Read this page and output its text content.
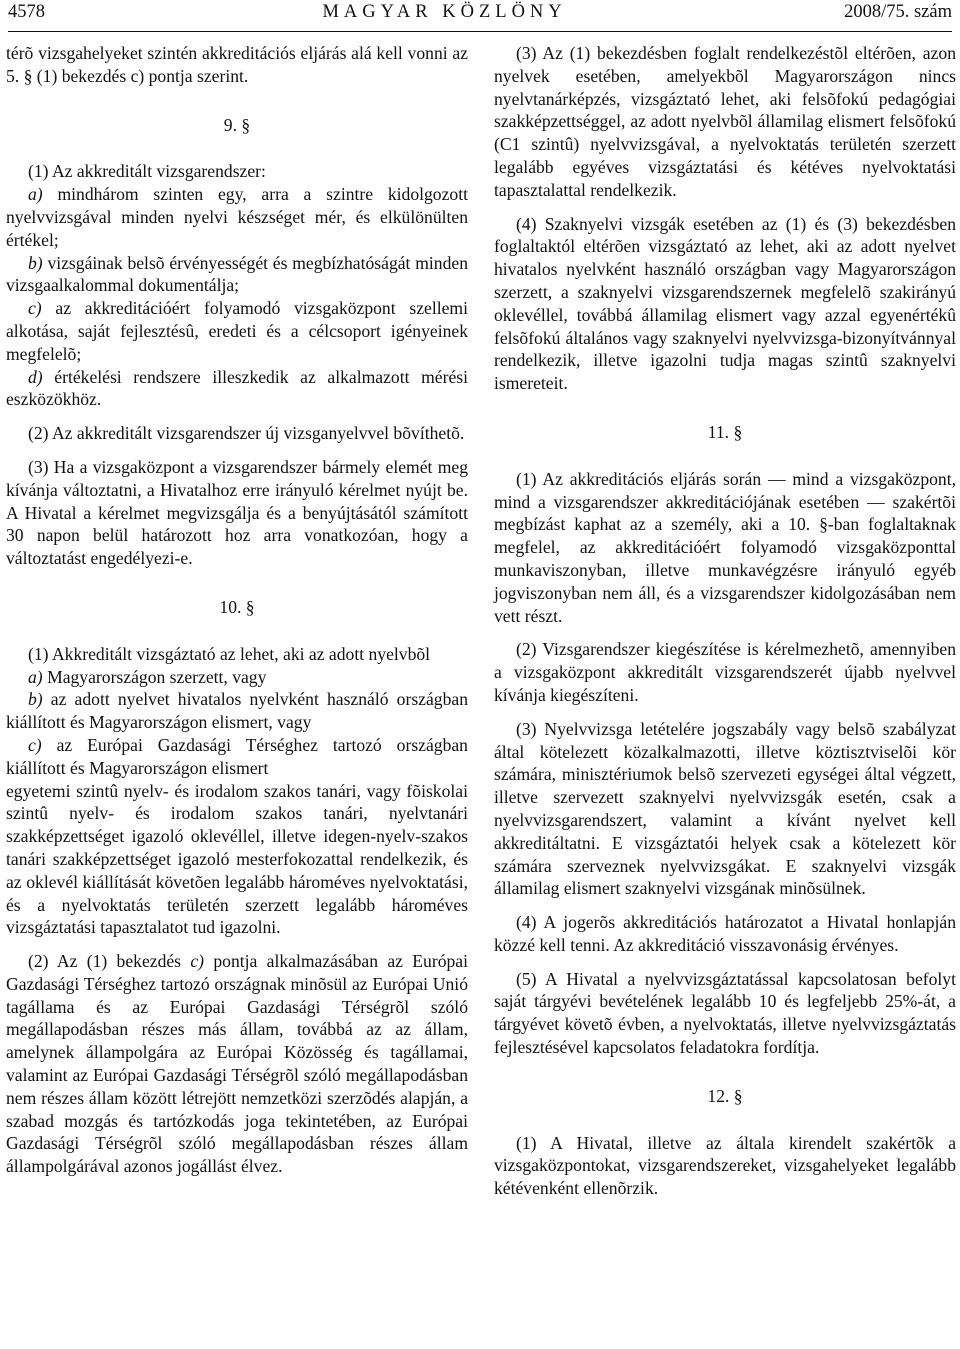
4578	MAGYAR KÖZLÖNY	2008/75. szám

térõ vizsgahelyeket szintén akkreditációs eljárás alá kell vonni az 5. § (1) bekezdés c) pontja szerint.

9. §

(1) Az akkreditált vizsgarendszer:

a) mindhárom szinten egy, arra a szintre kidolgozott nyelvvizsgával minden nyelvi készséget mér, és elkülönülten értékel;

b) vizsgáinak belsõ érvényességét és megbízhatóságát minden vizsgaalkalommal dokumentálja;

c) az akkreditációért folyamodó vizsgaközpont szellemi alkotása, saját fejlesztésû, eredeti és a célcsoport igényeinek megfelelõ;

d) értékelési rendszere illeszkedik az alkalmazott mérési eszközökhöz.

(2) Az akkreditált vizsgarendszer új vizsganyelvvel bõvíthetõ.

(3) Ha a vizsgaközpont a vizsgarendszer bármely elemét meg kívánja változtatni, a Hivatalhoz erre irányuló kérelmet nyújt be. A Hivatal a kérelmet megvizsgálja és a benyújtásától számított 30 napon belül határozott hoz arra vonatkozóan, hogy a változtatást engedélyezi-e.

10. §

(1) Akkreditált vizsgáztató az lehet, aki az adott nyelvbõl

a) Magyarországon szerzett, vagy

b) az adott nyelvet hivatalos nyelvként használó országban kiállított és Magyarországon elismert, vagy

c) az Európai Gazdasági Térséghez tartozó országban kiállított és Magyarországon elismert

egyetemi szintû nyelv- és irodalom szakos tanári, vagy fõiskolai szintû nyelv- és irodalom szakos tanári, nyelvtanári szakképzettséget igazoló oklevéllel, illetve idegen-nyelv-szakos tanári szakképzettséget igazoló mesterfokozattal rendelkezik, és az oklevél kiállítását követõen legalább hároméves nyelvoktatási, és a nyelvoktatás területén szerzett legalább hároméves vizsgáztatási tapasztalatot tud igazolni.

(2) Az (1) bekezdés c) pontja alkalmazásában az Európai Gazdasági Térséghez tartozó országnak minõsül az Európai Unió tagállama és az Európai Gazdasági Térségrõl szóló megállapodásban részes más állam, továbbá az az állam, amelynek állampolgára az Európai Közösség és tagállamai, valamint az Európai Gazdasági Térségrõl szóló megállapodásban nem részes állam között létrejött nemzetközi szerzõdés alapján, a szabad mozgás és tartózkodás joga tekintetében, az Európai Gazdasági Térségrõl szóló megállapodásban részes állam állampolgárával azonos jogállást élvez.

(3) Az (1) bekezdésben foglalt rendelkezéstõl eltérõen, azon nyelvek esetében, amelyekbõl Magyarországon nincs nyelvtanárképzés, vizsgáztató lehet, aki felsõfokú pedagógiai szakképzettséggel, az adott nyelvbõl államilag elismert felsõfokú (C1 szintû) nyelvvizsgával, a nyelvoktatás területén szerzett legalább egyéves vizsgáztatási és kétéves nyelvoktatási tapasztalattal rendelkezik.

(4) Szaknyelvi vizsgák esetében az (1) és (3) bekezdésben foglaltaktól eltérõen vizsgáztató az lehet, aki az adott nyelvet hivatalos nyelvként használó országban vagy Magyarországon szerzett, a szaknyelvi vizsgarendszernek megfelelõ szakirányú oklevéllel, továbbá államilag elismert vagy azzal egyenértékû felsõfokú általános vagy szaknyelvi nyelvvizsga-bizonyítvánnyal rendelkezik, illetve igazolni tudja magas szintû szaknyelvi ismereteit.

11. §

(1) Az akkreditációs eljárás során — mind a vizsgaközpont, mind a vizsgarendszer akkreditációjának esetében — szakértõi megbízást kaphat az a személy, aki a 10. §-ban foglaltaknak megfelel, az akkreditációért folyamodó vizsgaközponttal munkaviszonyban, illetve munkavégzésre irányuló egyéb jogviszonyban nem áll, és a vizsgarendszer kidolgozásában nem vett részt.

(2) Vizsgarendszer kiegészítése is kérelmezhetõ, amennyiben a vizsgaközpont akkreditált vizsgarendszerét újabb nyelvvel kívánja kiegészíteni.

(3) Nyelvvizsga letételére jogszabály vagy belsõ szabályzat által kötelezett közalkalmazotti, illetve köztisztviselõi kör számára, minisztériumok belsõ szervezeti egységei által végzett, illetve szervezett szaknyelvi nyelvvizsgák esetén, csak a nyelvvizsgarendszert, valamint a kívánt nyelvet kell akkreditáltatni. E vizsgáztatói helyek csak a kötelezett kör számára szerveznek nyelvvizsgákat. E szaknyelvi vizsgák államilag elismert szaknyelvi vizsgának minõsülnek.

(4) A jogerõs akkreditációs határozatot a Hivatal honlapján közzé kell tenni. Az akkreditáció visszavonásig érvényes.

(5) A Hivatal a nyelvvizsgáztatással kapcsolatosan befolyt saját tárgyévi bevételének legalább 10 és legfeljebb 25%-át, a tárgyévet követõ évben, a nyelvoktatás, illetve nyelvvizsgáztatás fejlesztésével kapcsolatos feladatokra fordítja.

12. §

(1) A Hivatal, illetve az általa kirendelt szakértõk a vizsgaközpontokat, vizsgarendszereket, vizsgahelyeket legalább kétévenként ellenõrzik.
